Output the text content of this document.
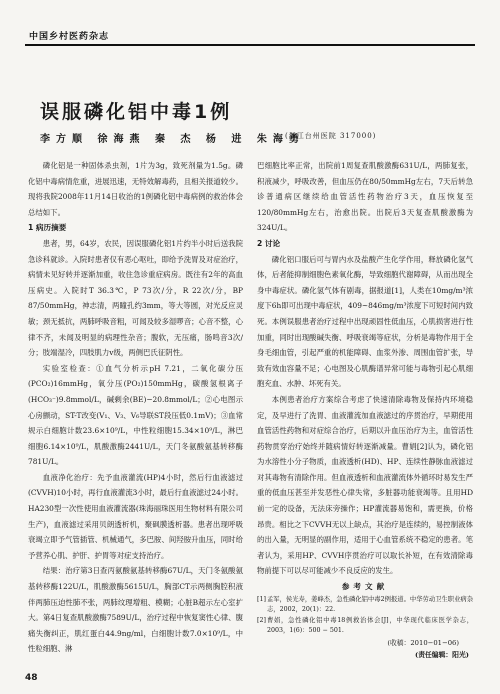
中国乡村医药杂志
误服磷化铝中毒1例
李方顺 徐海燕 秦 杰 杨 进 朱海勇
(浙江台州医院 317000)

磷化铝是一种固体杀虫剂，1片为3g，致死剂量为1.5g。磷化铝中毒病情危重，进展迅速，无特效解毒药，且相关报道较少。现将我院2008年11月14日收治的1例磷化铝中毒病例的救治体会总结如下。

1 病历摘要

患者，男，64岁，农民，因误服磷化铝1片约半小时后送我院急诊科就诊。入院时患者仅有恶心呕吐，即给予洗胃及对症治疗，病情未见好转并逐渐加重，收住急诊重症病房。既往有2年的高血压病史。入院时T 36.3℃，P 73次/分，R 22次/分，BP 87/50mmHg，神志清，两瞳孔约3mm，等大等圆，对光反应灵敏；颈无抵抗，两肺呼吸音粗，可闻及较多湿啰音；心音不整，心律不齐，未闻及明显的病理性杂音；腹软，无压痛，肠鸣音3次/分；肢端湿冷，四肢肌力v级，两侧巴氏征阴性。

实验室检查：①血气分析示pH 7.21，二氧化碳分压(PCO₂)16mmHg，氧分压(PO₂)150mmHg，碳酸氢根离子(HCO₃⁻)9.8mmol/L，碱剩余(BE)−20.8mmol/L；②心电图示心房颤动，ST-T改变(V₁、V₃、V₆导联ST段压低0.1mV)；③血常规示白细胞计数23.6×10⁹/L，中性粒细胞15.34×10⁹/L，淋巴细胞6.14×10⁹/L，肌酸激酶2441U/L，天门冬氨酸氨基转移酶781U/L。

血液净化治疗：先予血液灌流(HP)4小时，然后行血液滤过(CVVH)10小时，再行血液灌流3小时，最后行血液滤过24小时。HA230型一次性使用血液灌流器(珠海丽珠医用生物材料有限公司生产)，血液滤过采用贝朗透析机，聚砜膜透析器。患者出现呼吸衰竭立即予气管插管、机械通气，多巴胺、间羟胺升血压，同时给予营养心肌、护肝、护胃等对症支持治疗。

结果：治疗第3日查丙氨酸氨基转移酶67U/L，天门冬氨酸氨基转移酶122U/L，肌酸激酶5615U/L，胸部CT示两侧胸腔积液伴两肺压迫性肺不张，两肺纹理增粗、模糊；心脏B超示左心室扩大。第4日复查肌酸激酶7589U/L，治疗过程中恢复窦性心律、腹痛失衡纠正，肌红蛋白44.9ng/ml，白细胞计数7.0×10⁹/L，中性粒细胞、淋

巴细胞比率正常，出院前1周复查肌酸激酶631U/L，两肺复张，积液减少，呼吸改善，但血压仍在80/50mmHg左右，7天后转急诊普通病区继续给血管活性药物治疗3天，血压恢复至120/80mmHg左右，治愈出院。出院后3天复查肌酸激酶为324U/L。

2 讨论

磷化铝口服后可与胃内水及盐酸产生化学作用，释放磷化氢气体，后者能抑制细胞色素氧化酶，导致细胞代谢障碍，从而出现全身中毒症状。磷化氢气体有剧毒，据报道[1]，人类在10mg/m³浓度下6h即可出现中毒症状，409~846mg/m³浓度下可短时间内致死。本例误服患者治疗过程中出现顽固性低血压，心肌损害进行性加重，同时出现酸碱失衡、呼吸衰竭等症状，分析是毒物作用于全身毛细血管，引起严重的机能障碍、血浆外渗、周围血管扩张，导致有效血容量不足；心电图及心肌酶谱异常可能与毒物引起心肌细胞充血、水肿、坏死有关。

本例患者治疗方案综合考虑了快速清除毒物及保持内环境稳定，及早进行了洗胃、血液灌流加血液滤过的序贯治疗，早期使用血管活性药物和对症综合治疗，后期以升血压治疗为主，血管活性药物贯穿治疗始终并随病情好转逐渐减量。曹娟[2]认为，磷化铝为水溶性小分子物质，血液透析(HD)、HP、连续性静脉血液滤过对其毒物有清除作用。但血液透析和血液灌流体外循环时易发生严重的低血压甚至并发恶性心律失常，多脏器功能衰竭等。且用HD前一定的设备，无法床旁操作；HP灌流器易饱和，需更换，价格昂贵。相比之下CVVH无以上缺点，其治疗是连续的，易控制液体的出入量，无明显的副作用，适用于心血管系统不稳定的患者。笔者认为，采用HP、CVVH序贯治疗可以取长补短，在有效清除毒物前提下可以尽可能减少不良反应的发生。

参考文献

[1] 孟军，侯光寿，姜峰杰，急性磷化铝中毒2例报道。中华劳动卫生职业病杂志，2002，20(1)：22.

[2] 曹娟，急性磷化铝中毒18例救治体会[J]，中华现代临床医学杂志，2003，1(6)：500 − 501.

(收稿：2010−01−06)

(责任编辑：阳光)

48
